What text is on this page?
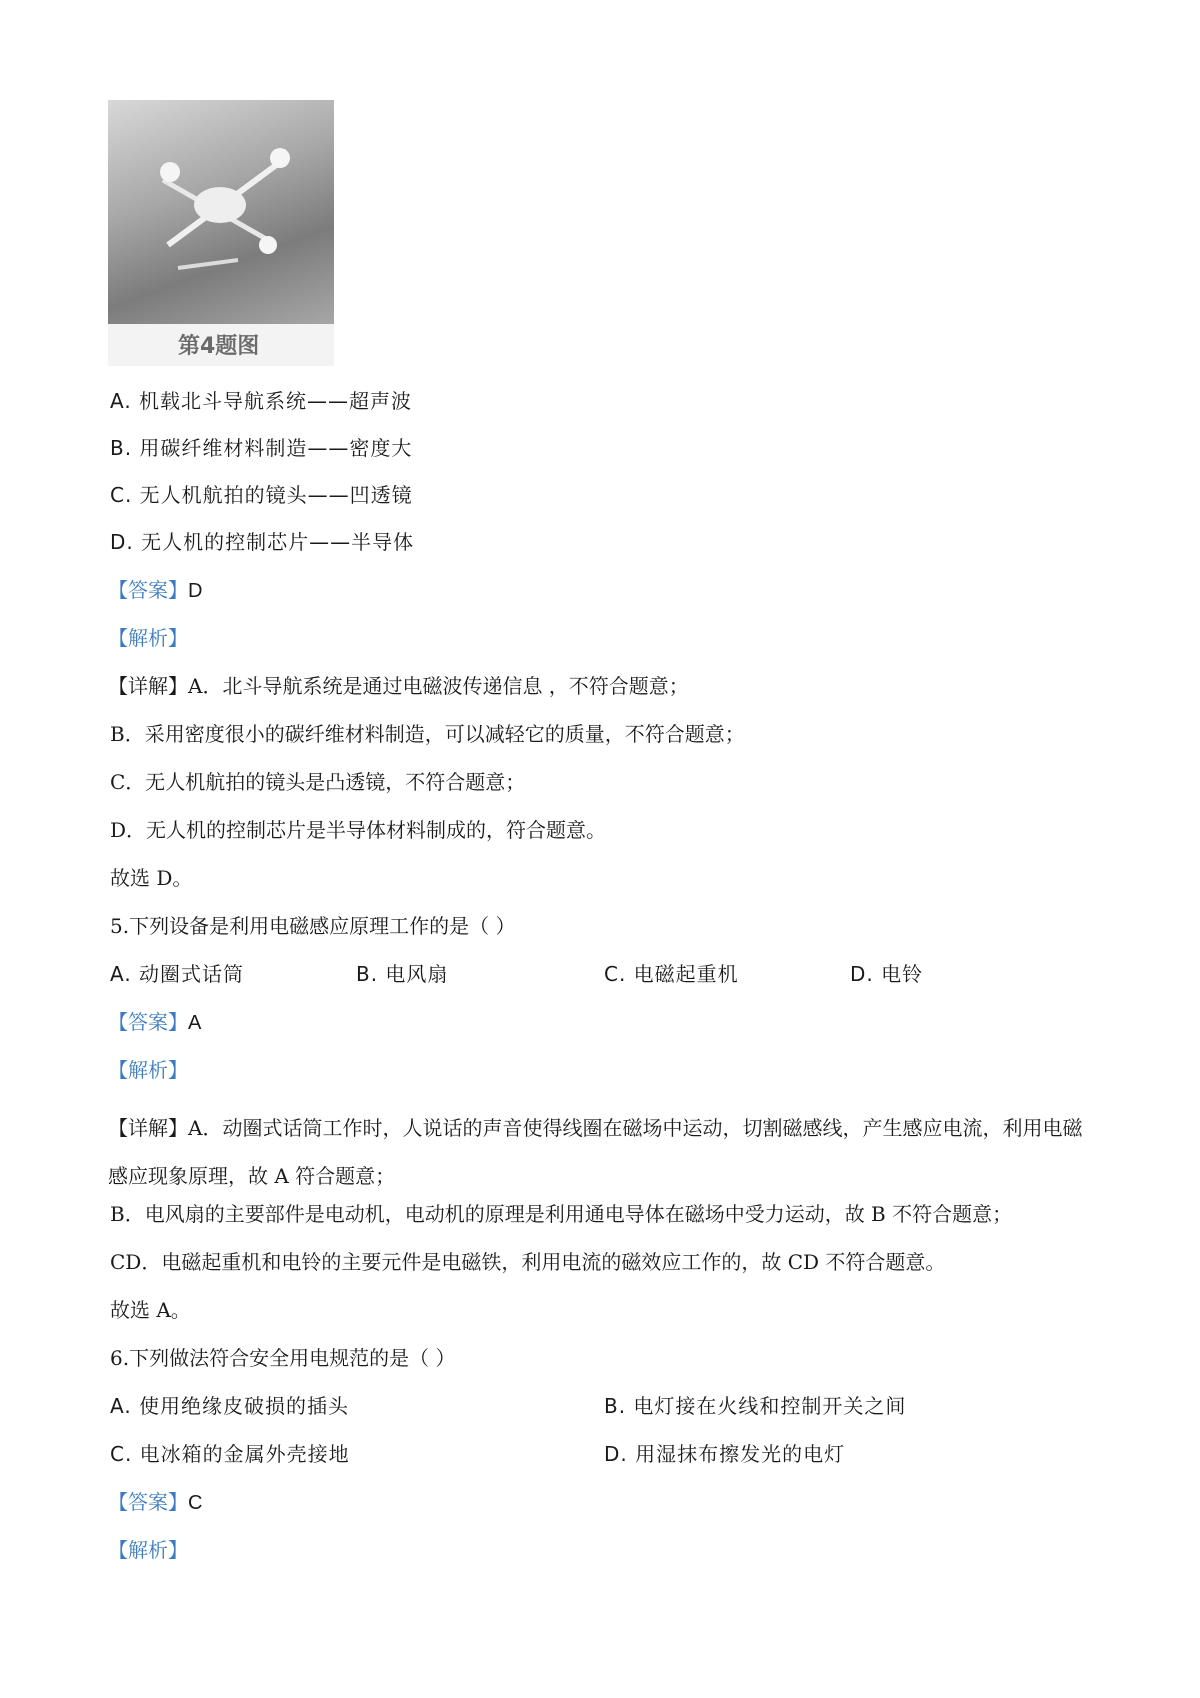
第4题图
A. 机载北斗导航系统——超声波
B. 用碳纤维材料制造——密度大
C. 无人机航拍的镜头——凹透镜
D. 无人机的控制芯片——半导体
【答案】D
【解析】
【详解】A．北斗导航系统是通过电磁波传递信息 ，不符合题意；
B．采用密度很小的碳纤维材料制造，可以减轻它的质量，不符合题意；
C．无人机航拍的镜头是凸透镜，不符合题意；
D．无人机的控制芯片是半导体材料制成的，符合题意。
故选 D。
5.下列设备是利用电磁感应原理工作的是（ ）
A. 动圈式话筒	B. 电风扇	C. 电磁起重机	D. 电铃
【答案】A
【解析】
【详解】A．动圈式话筒工作时，人说话的声音使得线圈在磁场中运动，切割磁感线，产生感应电流，利用电磁感应现象原理，故 A 符合题意；
B．电风扇的主要部件是电动机，电动机的原理是利用通电导体在磁场中受力运动，故 B 不符合题意；
CD．电磁起重机和电铃的主要元件是电磁铁，利用电流的磁效应工作的，故 CD 不符合题意。
故选 A。
6.下列做法符合安全用电规范的是（ ）
A. 使用绝缘皮破损的插头	B. 电灯接在火线和控制开关之间
C. 电冰箱的金属外壳接地	D. 用湿抹布擦发光的电灯
【答案】C
【解析】
